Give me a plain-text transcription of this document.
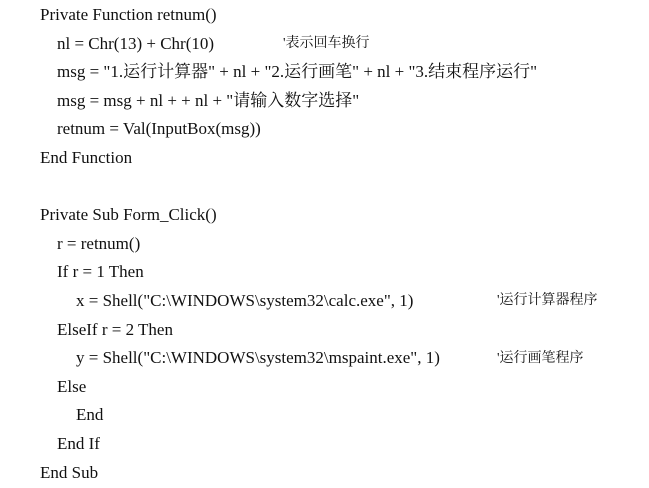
Private Function retnum()
nl = Chr(13) + Chr(10)	'表示回车换行
msg = "1.运行计算器" + nl + "2.运行画笔" + nl + "3.结束程序运行"
msg = msg + nl + + nl + "请输入数字选择"
retnum = Val(InputBox(msg))
End Function
Private Sub Form_Click()
r = retnum()
If r = 1 Then
x = Shell("C:\WINDOWS\system32\calc.exe", 1)	'运行计算器程序
ElseIf r = 2 Then
y = Shell("C:\WINDOWS\system32\mspaint.exe", 1)	'运行画笔程序
Else
End
End If
End Sub
